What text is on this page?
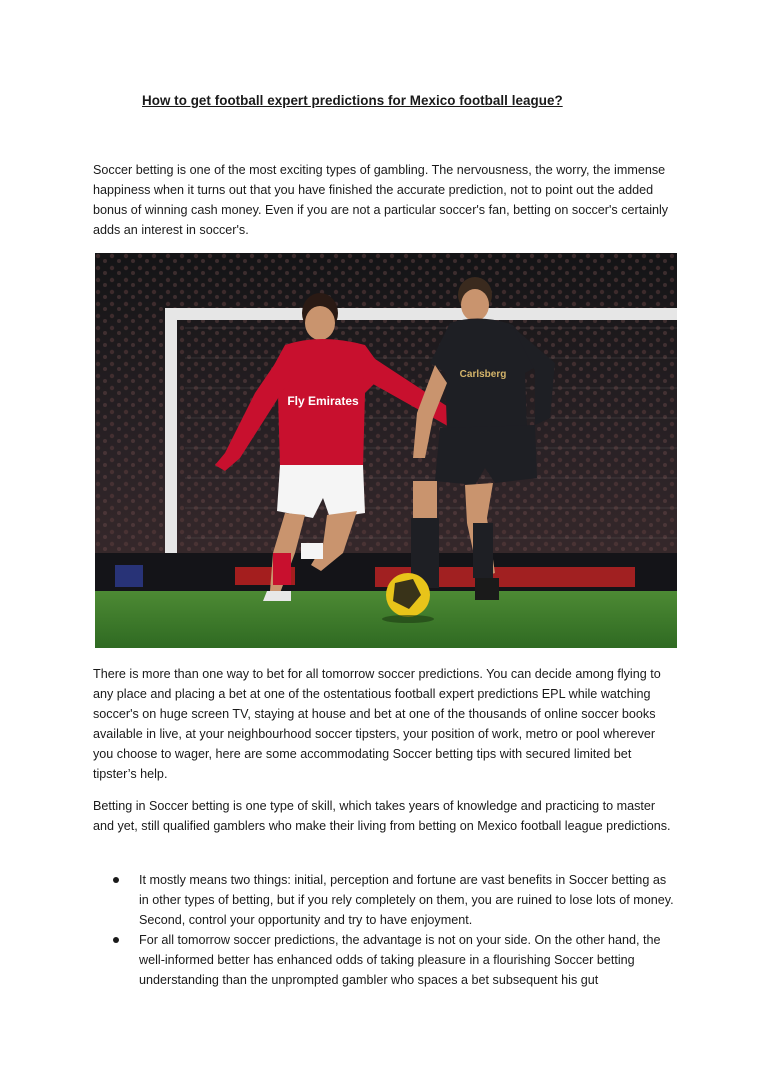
How to get football expert predictions for Mexico football league?

Soccer betting is one of the most exciting types of gambling. The nervousness, the worry, the immense happiness when it turns out that you have finished the accurate prediction, not to point out the added bonus of winning cash money. Even if you are not a particular soccer's fan, betting on soccer's certainly adds an interest in soccer's.

Fly Emirates
Carlsberg

There is more than one way to bet for all tomorrow soccer predictions. You can decide among flying to any place and placing a bet at one of the ostentatious football expert predictions EPL while watching soccer's on huge screen TV, staying at house and bet at one of the thousands of online soccer books available in live, at your neighbourhood soccer tipsters, your position of work, metro or pool wherever you choose to wager, here are some accommodating Soccer betting tips with secured limited bet tipster’s help.

Betting in Soccer betting is one type of skill, which takes years of knowledge and practicing to master and yet, still qualified gamblers who make their living from betting on Mexico football league predictions.

It mostly means two things: initial, perception and fortune are vast benefits in Soccer betting as in other types of betting, but if you rely completely on them, you are ruined to lose lots of money. Second, control your opportunity and try to have enjoyment.
For all tomorrow soccer predictions, the advantage is not on your side. On the other hand, the well-informed better has enhanced odds of taking pleasure in a flourishing Soccer betting understanding than the unprompted gambler who spaces a bet subsequent his gut
